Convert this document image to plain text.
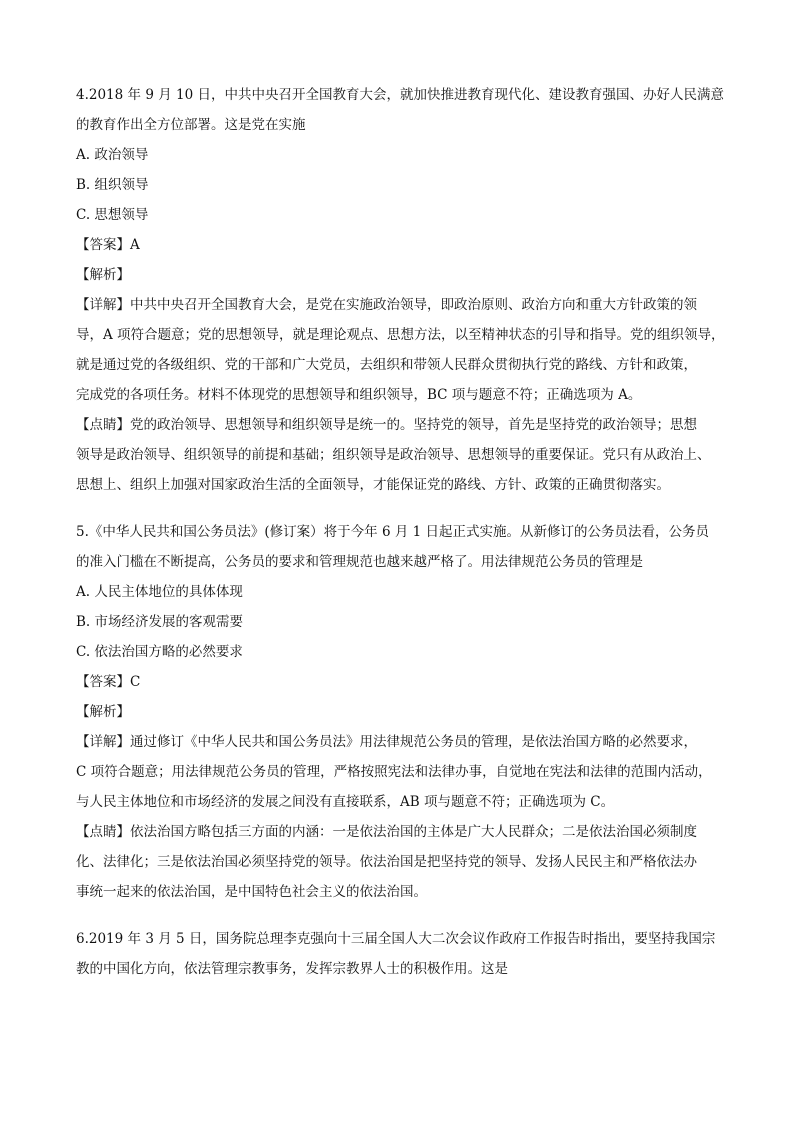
4.2018 年 9 月 10 日，中共中央召开全国教育大会，就加快推进教育现代化、建设教育强国、办好人民满意
的教育作出全方位部署。这是党在实施
A. 政治领导
B. 组织领导
C. 思想领导
【答案】A
【解析】
【详解】中共中央召开全国教育大会，是党在实施政治领导，即政治原则、政治方向和重大方针政策的领
导，A 项符合题意；党的思想领导，就是理论观点、思想方法，以至精神状态的引导和指导。党的组织领导，
就是通过党的各级组织、党的干部和广大党员，去组织和带领人民群众贯彻执行党的路线、方针和政策，
完成党的各项任务。材料不体现党的思想领导和组织领导，BC 项与题意不符；正确选项为 A。
【点睛】党的政治领导、思想领导和组织领导是统一的。坚持党的领导，首先是坚持党的政治领导；思想
领导是政治领导、组织领导的前提和基础；组织领导是政治领导、思想领导的重要保证。党只有从政治上、
思想上、组织上加强对国家政治生活的全面领导，才能保证党的路线、方针、政策的正确贯彻落实。
5.《中华人民共和国公务员法》(修订案）将于今年 6 月 1 日起正式实施。从新修订的公务员法看，公务员
的准入门槛在不断提高，公务员的要求和管理规范也越来越严格了。用法律规范公务员的管理是
A. 人民主体地位的具体体现
B. 市场经济发展的客观需要
C. 依法治国方略的必然要求
【答案】C
【解析】
【详解】通过修订《中华人民共和国公务员法》用法律规范公务员的管理，是依法治国方略的必然要求，
C 项符合题意；用法律规范公务员的管理，严格按照宪法和法律办事，自觉地在宪法和法律的范围内活动，
与人民主体地位和市场经济的发展之间没有直接联系，AB 项与题意不符；正确选项为 C。
【点睛】依法治国方略包括三方面的内涵：一是依法治国的主体是广大人民群众；二是依法治国必须制度
化、法律化；三是依法治国必须坚持党的领导。依法治国是把坚持党的领导、发扬人民民主和严格依法办
事统一起来的依法治国，是中国特色社会主义的依法治国。
6.2019 年 3 月 5 日，国务院总理李克强向十三届全国人大二次会议作政府工作报告时指出，要坚持我国宗
教的中国化方向，依法管理宗教事务，发挥宗教界人士的积极作用。这是
